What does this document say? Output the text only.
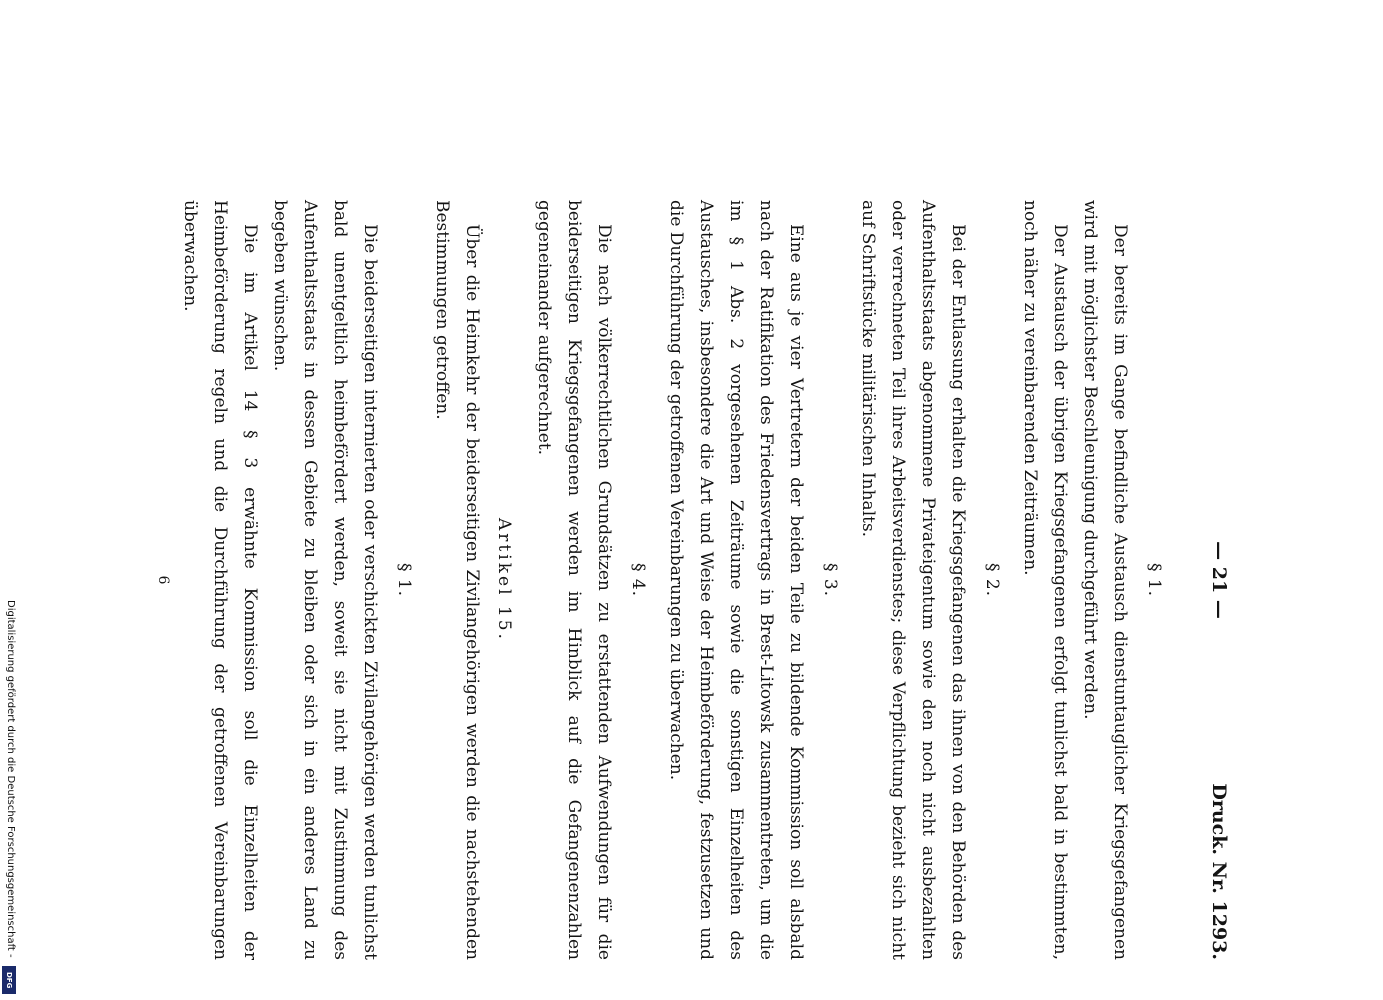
Digitalisierung gefördert durch die Deutsche Forschungsgemeinschaft -
DFG
— 21 —
Druck. Nr. 1293.
§ 1.

Der bereits im Gange befindliche Austausch dienstuntauglicher Kriegsgefangenen wird mit möglichster Beschleunigung durchgeführt werden.

Der Austausch der übrigen Kriegsgefangenen erfolgt tunlichst bald in bestimmten, noch näher zu vereinbarenden Zeiträumen.

§ 2.

Bei der Entlassung erhalten die Kriegsgefangenen das ihnen von den Behörden des Aufenthaltsstaats abgenommene Privateigentum sowie den noch nicht ausbezahlten oder verrechneten Teil ihres Arbeitsverdienstes; diese Verpflichtung bezieht sich nicht auf Schriftstücke militärischen Inhalts.

§ 3.

Eine aus je vier Vertretern der beiden Teile zu bildende Kommission soll alsbald nach der Ratifikation des Friedensvertrags in Brest-Litowsk zusammentreten, um die im § 1 Abs. 2 vorgesehenen Zeiträume sowie die sonstigen Einzelheiten des Austausches, insbesondere die Art und Weise der Heimbeförderung, festzusetzen und die Durchführung der getroffenen Vereinbarungen zu überwachen.

§ 4.

Die nach völkerrechtlichen Grundsätzen zu erstattenden Aufwendungen für die beiderseitigen Kriegsgefangenen werden im Hinblick auf die Gefangenenzahlen gegeneinander aufgerechnet.

Artikel 15.

Über die Heimkehr der beiderseitigen Zivilangehörigen werden die nachstehenden Bestimmungen getroffen.

§ 1.

Die beiderseitigen internierten oder verschickten Zivilangehörigen werden tunlichst bald unentgeltlich heimbefördert werden, soweit sie nicht mit Zustimmung des Aufenthaltsstaats in dessen Gebiete zu bleiben oder sich in ein anderes Land zu begeben wünschen.

Die im Artikel 14 § 3 erwähnte Kommission soll die Einzelheiten der Heimbeförderung regeln und die Durchführung der getroffenen Vereinbarungen überwachen.

6
